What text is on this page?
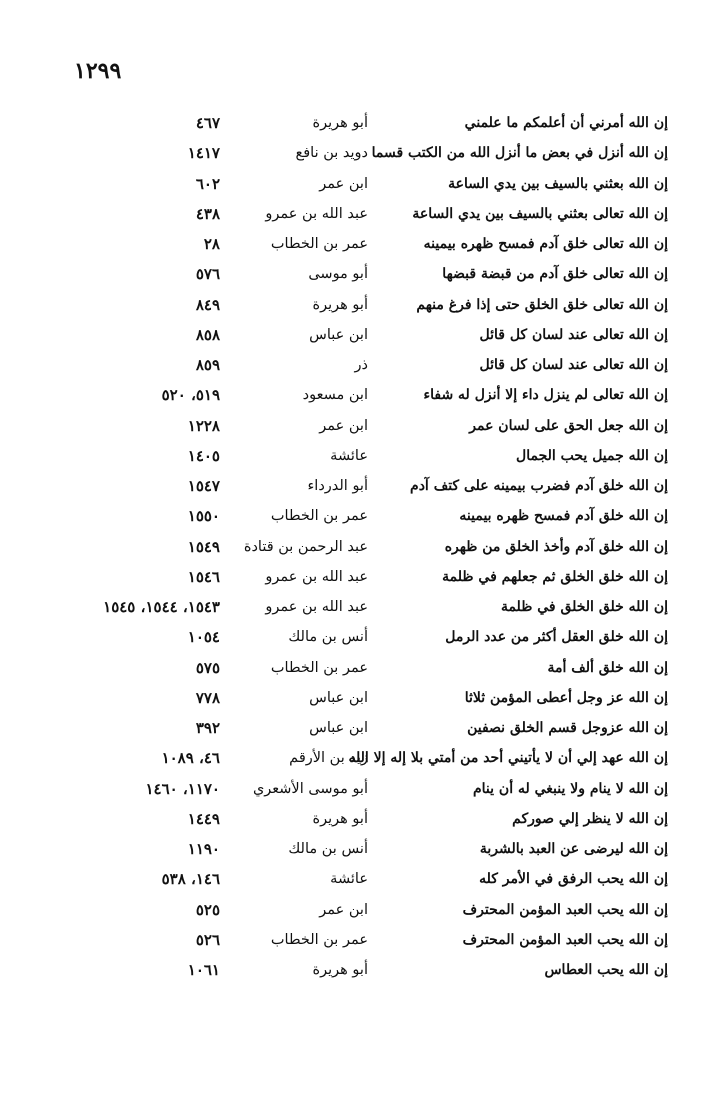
١٢٩٩
إن الله أمرني أن أعلمكم ما علمني
أبو هريرة
٤٦٧
إن الله أنزل في بعض ما أنزل الله من الكتب قسما
دويد بن نافع
١٤١٧
إن الله بعثني بالسيف بين يدي الساعة
ابن عمر
٦٠٢
إن الله تعالى بعثني بالسيف بين يدي الساعة
عبد الله بن عمرو
٤٣٨
إن الله تعالى خلق آدم فمسح ظهره بيمينه
عمر بن الخطاب
٢٨
إن الله تعالى خلق آدم من قبضة قبضها
أبو موسى
٥٧٦
إن الله تعالى خلق الخلق حتى إذا فرغ منهم
أبو هريرة
٨٤٩
إن الله تعالى عند لسان كل قائل
ابن عباس
٨٥٨
إن الله تعالى عند لسان كل قائل
ذر
٨٥٩
إن الله تعالى لم ينزل داء إلا أنزل له شفاء
ابن مسعود
٥١٩، ٥٢٠
إن الله جعل الحق على لسان عمر
ابن عمر
١٢٢٨
إن الله جميل يحب الجمال
عائشة
١٤٠٥
إن الله خلق آدم فضرب بيمينه على كتف آدم
أبو الدرداء
١٥٤٧
إن الله خلق آدم فمسح ظهره بيمينه
عمر بن الخطاب
١٥٥٠
إن الله خلق آدم وأخذ الخلق من ظهره
عبد الرحمن بن قتادة
١٥٤٩
إن الله خلق الخلق ثم جعلهم في ظلمة
عبد الله بن عمرو
١٥٤٦
إن الله خلق الخلق في ظلمة
عبد الله بن عمرو
١٥٤٣، ١٥٤٤، ١٥٤٥
إن الله خلق العقل أكثر من عدد الرمل
أنس بن مالك
١٠٥٤
إن الله خلق ألف أمة
عمر بن الخطاب
٥٧٥
إن الله عز وجل أعطى المؤمن ثلاثا
ابن عباس
٧٧٨
إن الله عزوجل قسم الخلق نصفين
ابن عباس
٣٩٢
إن الله عهد إلي أن لا يأتيني أحد من أمتي بلا إله إلا الله
زيد بن الأرقم
٤٦، ١٠٨٩
إن الله لا ينام ولا ينبغي له أن ينام
أبو موسى الأشعري
١١٧٠، ١٤٦٠
إن الله لا ينظر إلي صوركم
أبو هريرة
١٤٤٩
إن الله ليرضى عن العبد بالشربة
أنس بن مالك
١١٩٠
إن الله يحب الرفق في الأمر كله
عائشة
١٤٦، ٥٣٨
إن الله يحب العبد المؤمن المحترف
ابن عمر
٥٢٥
إن الله يحب العبد المؤمن المحترف
عمر بن الخطاب
٥٢٦
إن الله يحب العطاس
أبو هريرة
١٠٦١
